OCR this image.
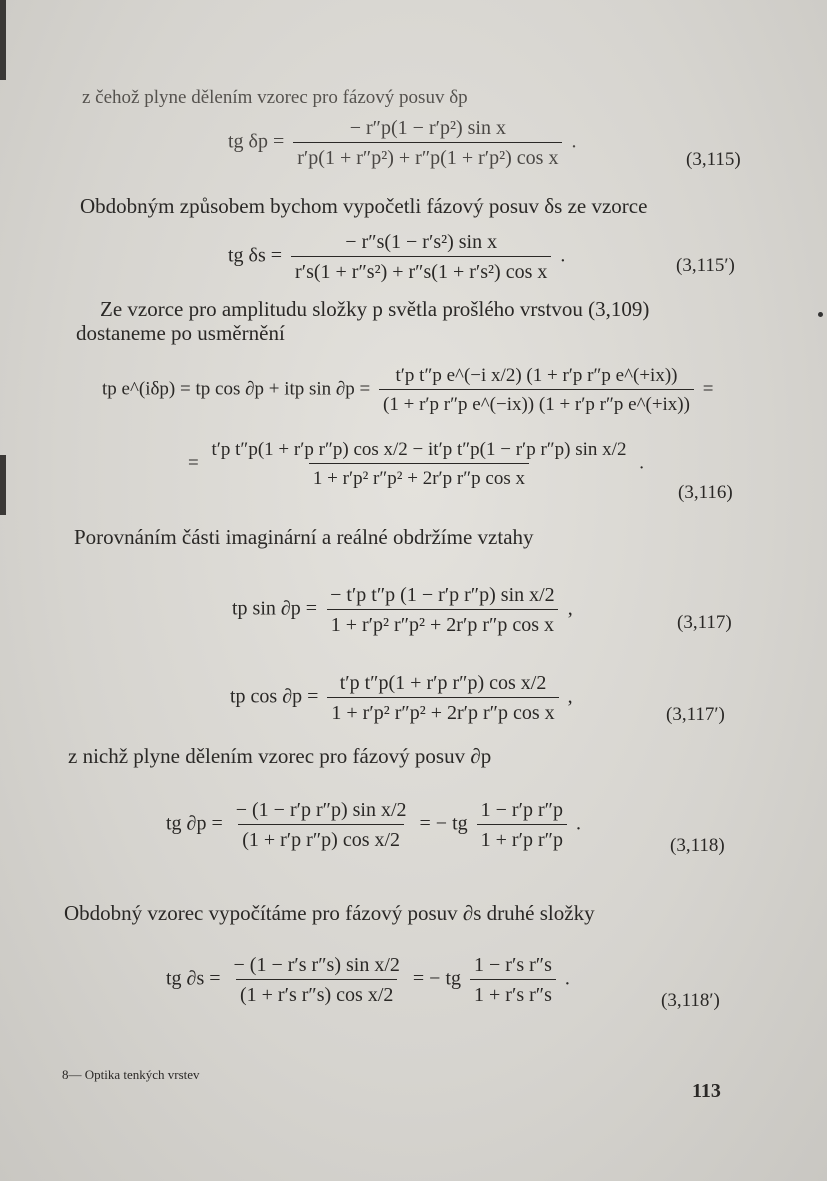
z čehož plyne dělením vzorec pro fázový posuv δp
tg $\delta p = \frac{\text{− r″p(1 − r′p²) sin x}}{\text{r′p(1 + r″p²) + r″p(1 + r′p²) cos x}}$ .
(3,115)
Obdobným způsobem bychom vypočetli fázový posuv δs ze vzorce
tg $\delta s = \frac{\text{− r″s(1 − r′s²) sin x}}{\text{r′s(1 + r″s²) + r″s(1 + r′s²) cos x}}$ .	(3,115′)
Ze vzorce pro amplitudu složky p světla prošlého vrstvou (3,109)
dostaneme po usměrnění
tp e^(iδp) = tp cos ∂p + itp $\sin \partial p = \frac{\text{t′p t″p e\textasciicircum{}(−i x/2) (1 + r′p r″p e\textasciicircum{}(+ix))}}{\text{(1 + r′p r″p e\textasciicircum{}(−ix)) (1 + r′p r″p e\textasciicircum{}(+ix))}}$ =
= $\frac{\text{t′p t″p(1 + r′p r″p) cos x/2 − it′p t″p(1 − r′p r″p) sin x/2}}{\text{1 + r′p² r″p² + 2r′p r″p cos x}}$ .
(3,116)
Porovnáním části imaginární a reálné obdržíme vztahy
tp $\sin \partial p = \frac{\text{− t′p t″p (1 − r′p r″p) sin x/2}}{\text{1 + r′p² r″p² + 2r′p r″p cos x}}$ ,
(3,117)
tp $\cos \partial p = \frac{\text{t′p t″p(1 + r′p r″p) cos x/2}}{\text{1 + r′p² r″p² + 2r′p r″p cos x}}$ ,
(3,117′)
z nichž plyne dělením vzorec pro fázový posuv ∂p
tg $\partial p = \frac{\text{− (1 − r′p r″p) sin x/2}}{\text{(1 + r′p r″p) cos x/2}}$ = − tg $\frac{\text{1 − r′p r″p}}{\text{1 + r′p r″p}}$ .
(3,118)
Obdobný vzorec vypočítáme pro fázový posuv ∂s druhé složky
tg $\partial s = \frac{\text{− (1 − r′s r″s) sin x/2}}{\text{(1 + r′s r″s) cos x/2}}$ = − tg $\frac{\text{1 − r′s r″s}}{\text{1 + r′s r″s}}$ .
(3,118′)
8— Optika tenkých vrstev
113
